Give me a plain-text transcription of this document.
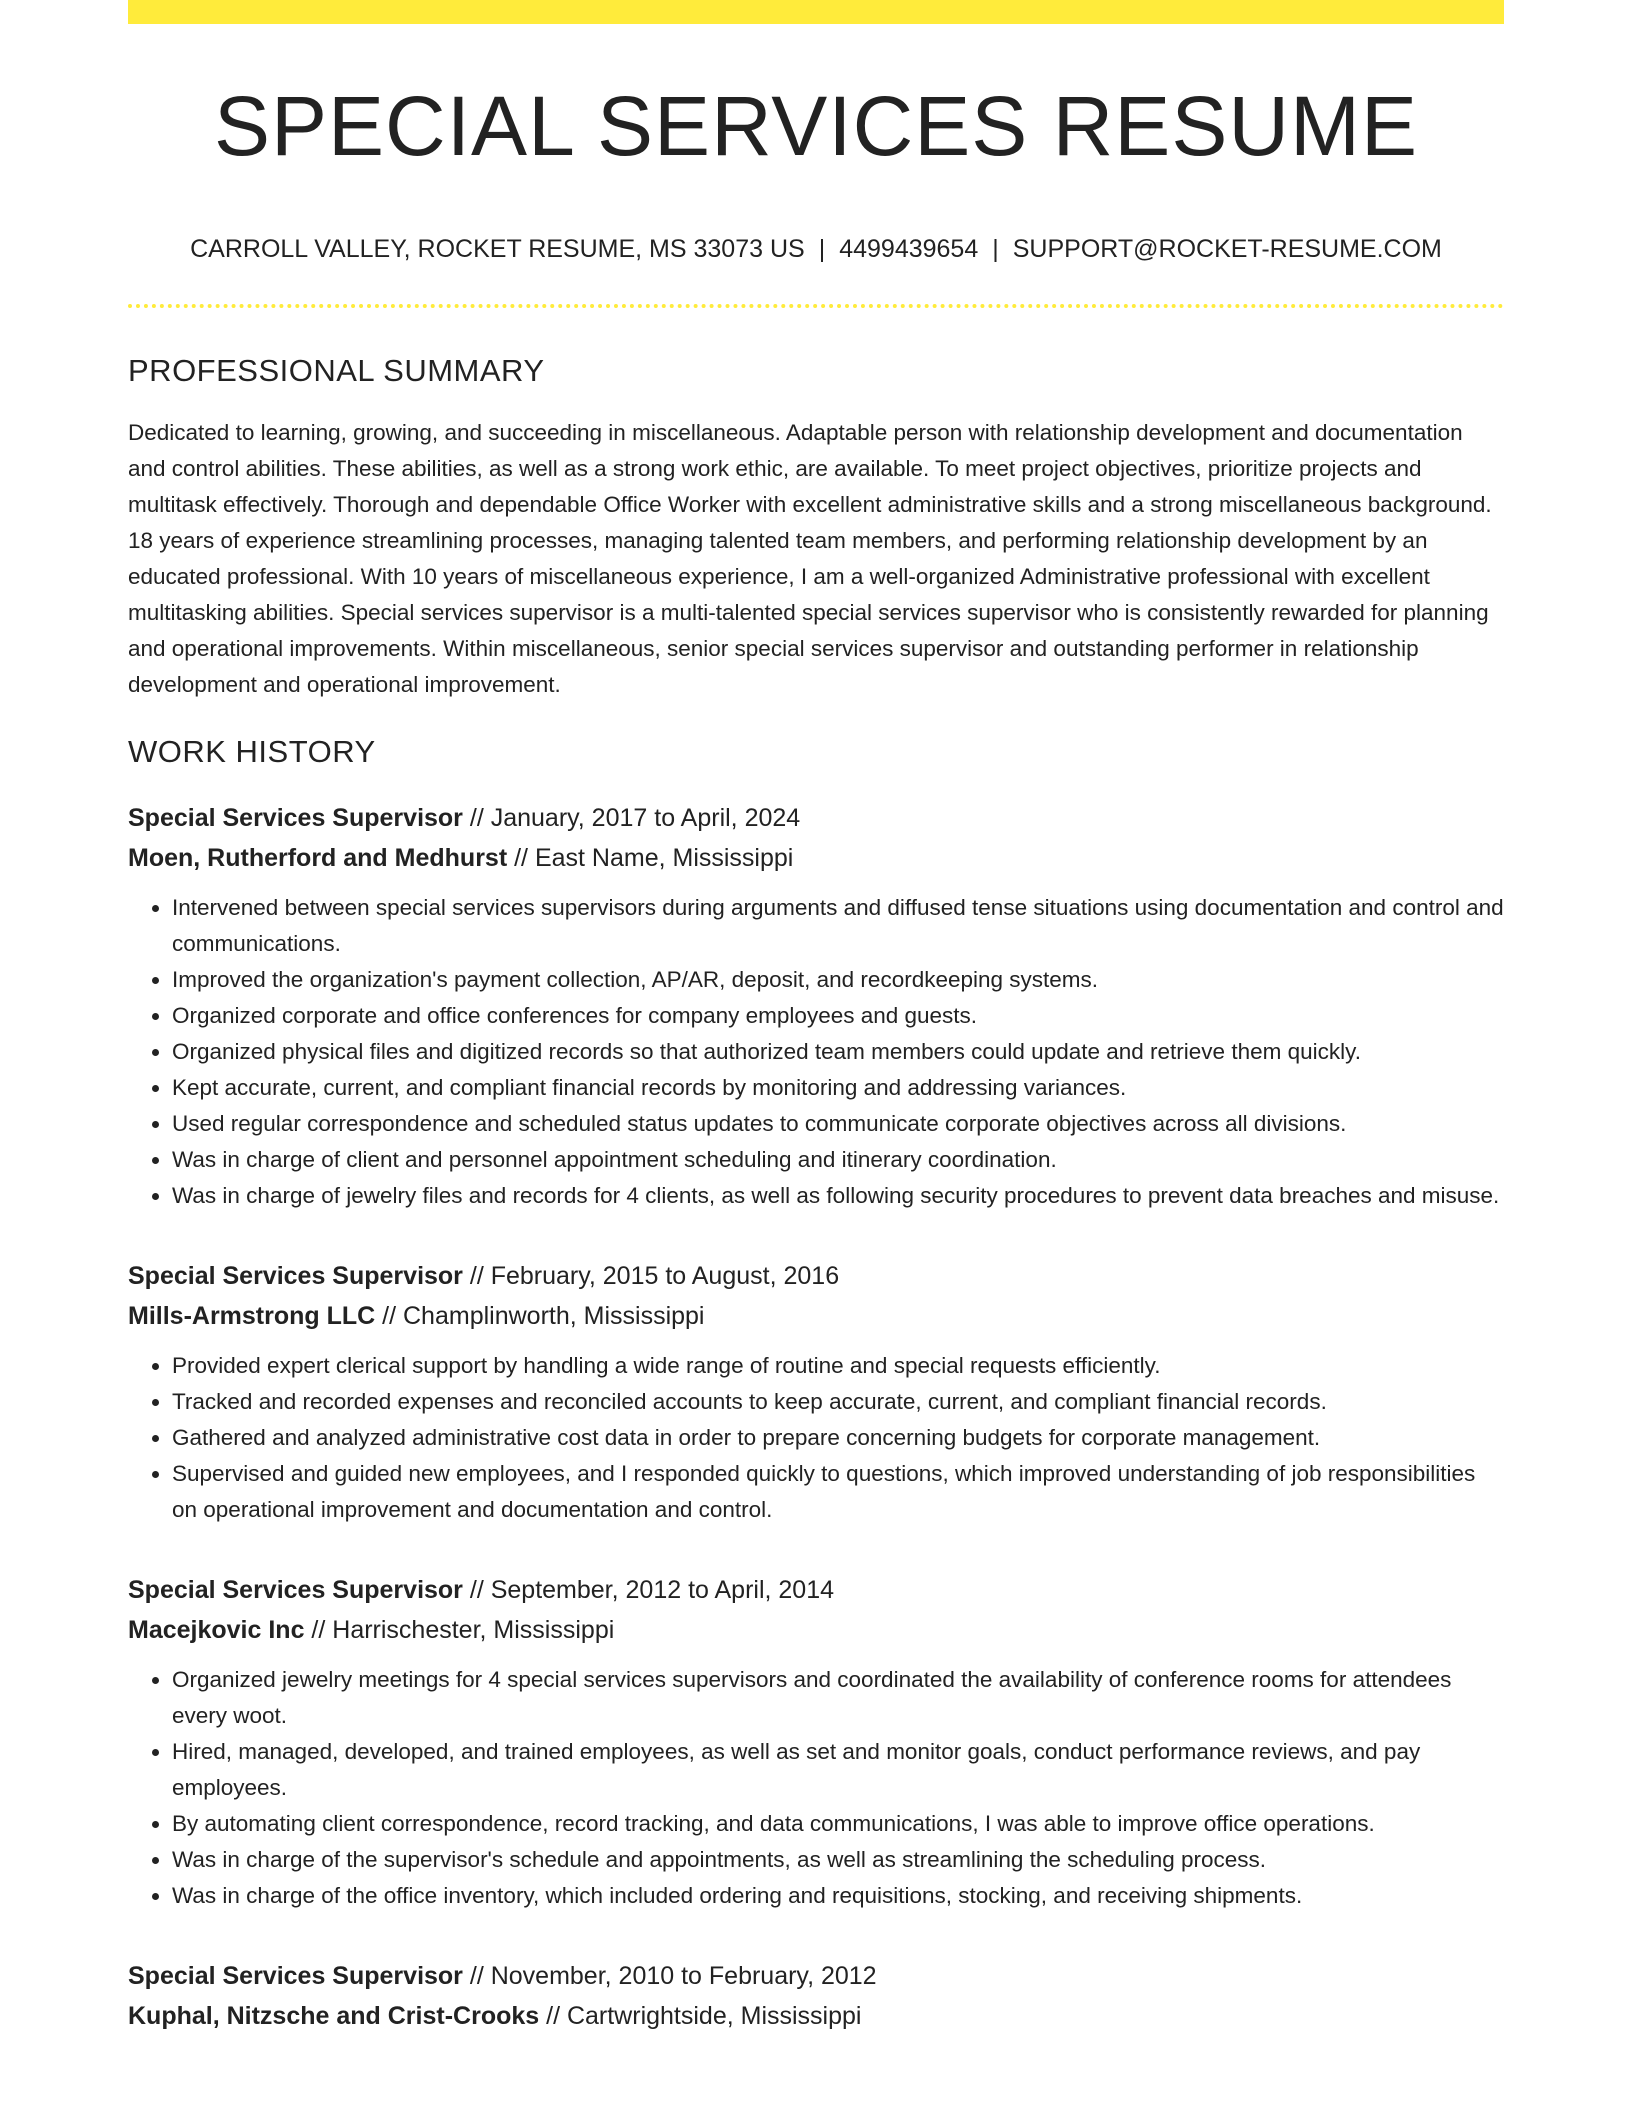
SPECIAL SERVICES RESUME
CARROLL VALLEY, ROCKET RESUME, MS 33073 US | 4499439654 | SUPPORT@ROCKET-RESUME.COM
PROFESSIONAL SUMMARY
Dedicated to learning, growing, and succeeding in miscellaneous. Adaptable person with relationship development and documentation and control abilities. These abilities, as well as a strong work ethic, are available. To meet project objectives, prioritize projects and multitask effectively. Thorough and dependable Office Worker with excellent administrative skills and a strong miscellaneous background. 18 years of experience streamlining processes, managing talented team members, and performing relationship development by an educated professional. With 10 years of miscellaneous experience, I am a well-organized Administrative professional with excellent multitasking abilities. Special services supervisor is a multi-talented special services supervisor who is consistently rewarded for planning and operational improvements. Within miscellaneous, senior special services supervisor and outstanding performer in relationship development and operational improvement.
WORK HISTORY
Special Services Supervisor // January, 2017 to April, 2024
Moen, Rutherford and Medhurst // East Name, Mississippi
• Intervened between special services supervisors during arguments and diffused tense situations using documentation and control and communications.
• Improved the organization's payment collection, AP/AR, deposit, and recordkeeping systems.
• Organized corporate and office conferences for company employees and guests.
• Organized physical files and digitized records so that authorized team members could update and retrieve them quickly.
• Kept accurate, current, and compliant financial records by monitoring and addressing variances.
• Used regular correspondence and scheduled status updates to communicate corporate objectives across all divisions.
• Was in charge of client and personnel appointment scheduling and itinerary coordination.
• Was in charge of jewelry files and records for 4 clients, as well as following security procedures to prevent data breaches and misuse.
Special Services Supervisor // February, 2015 to August, 2016
Mills-Armstrong LLC // Champlinworth, Mississippi
• Provided expert clerical support by handling a wide range of routine and special requests efficiently.
• Tracked and recorded expenses and reconciled accounts to keep accurate, current, and compliant financial records.
• Gathered and analyzed administrative cost data in order to prepare concerning budgets for corporate management.
• Supervised and guided new employees, and I responded quickly to questions, which improved understanding of job responsibilities on operational improvement and documentation and control.
Special Services Supervisor // September, 2012 to April, 2014
Macejkovic Inc // Harrischester, Mississippi
• Organized jewelry meetings for 4 special services supervisors and coordinated the availability of conference rooms for attendees every woot.
• Hired, managed, developed, and trained employees, as well as set and monitor goals, conduct performance reviews, and pay employees.
• By automating client correspondence, record tracking, and data communications, I was able to improve office operations.
• Was in charge of the supervisor's schedule and appointments, as well as streamlining the scheduling process.
• Was in charge of the office inventory, which included ordering and requisitions, stocking, and receiving shipments.
Special Services Supervisor // November, 2010 to February, 2012
Kuphal, Nitzsche and Crist-Crooks // Cartwrightside, Mississippi
